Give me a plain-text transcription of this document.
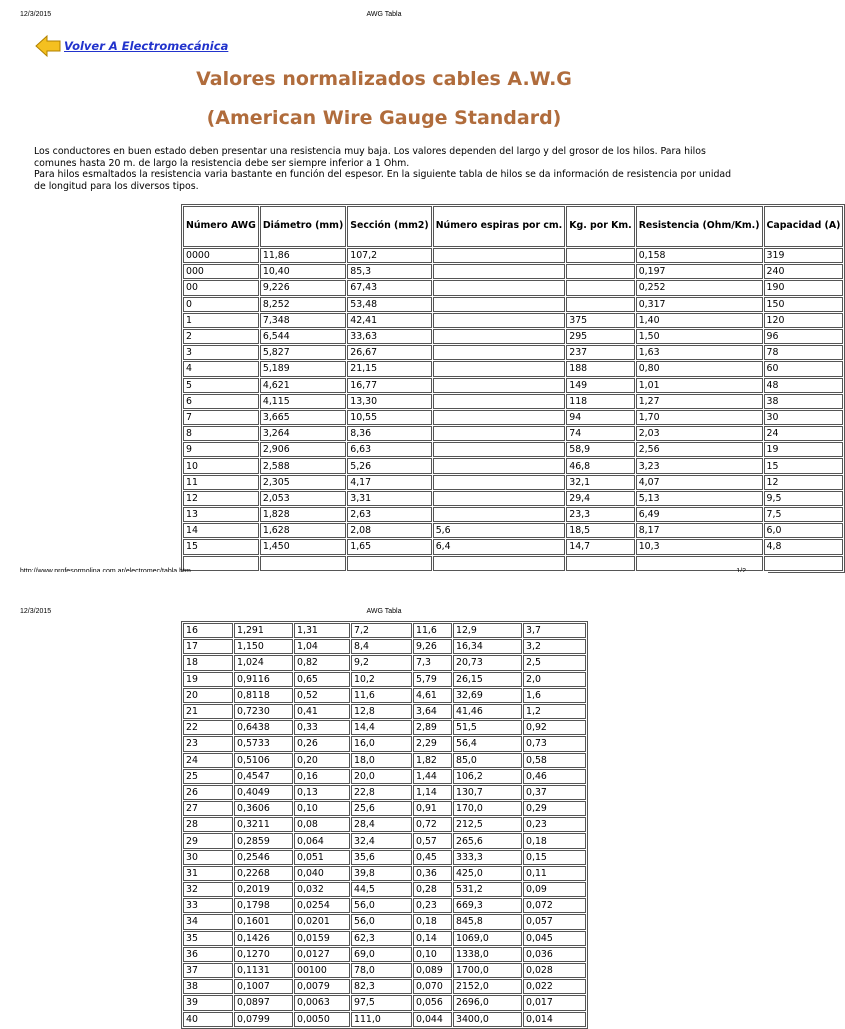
12/3/2015	AWG Tabla
Volver A Electromecánica
Valores normalizados cables A.W.G
(American Wire Gauge Standard)

Los conductores en buen estado deben presentar una resistencia muy baja. Los valores dependen del largo y del grosor de los hilos. Para hilos comunes hasta 20 m. de largo la resistencia debe ser siempre inferior a 1 Ohm.

Para hilos esmaltados la resistencia varia bastante en función del espesor. En la siguiente tabla de hilos se da información de resistencia por unidad de longitud para los diversos tipos.

Número AWG	Diámetro (mm)	Sección (mm2)	Número espiras por cm.	Kg. por Km.	Resistencia (Ohm/Km.)	Capacidad (A)
0000	11,86	107,2			0,158	319
000	10,40	85,3			0,197	240
00	9,226	67,43			0,252	190
0	8,252	53,48			0,317	150
1	7,348	42,41		375	1,40	120
2	6,544	33,63		295	1,50	96
3	5,827	26,67		237	1,63	78
4	5,189	21,15		188	0,80	60
5	4,621	16,77		149	1,01	48
6	4,115	13,30		118	1,27	38
7	3,665	10,55		94	1,70	30
8	3,264	8,36		74	2,03	24
9	2,906	6,63		58,9	2,56	19
10	2,588	5,26		46,8	3,23	15
11	2,305	4,17		32,1	4,07	12
12	2,053	3,31		29,4	5,13	9,5
13	1,828	2,63		23,3	6,49	7,5
14	1,628	2,08	5,6	18,5	8,17	6,0
15	1,450	1,65	6,4	14,7	10,3	4,8

12/3/2015	AWG Tabla
16	1,291	1,31	7,2	11,6	12,9	3,7
17	1,150	1,04	8,4	9,26	16,34	3,2
18	1,024	0,82	9,2	7,3	20,73	2,5
19	0,9116	0,65	10,2	5,79	26,15	2,0
20	0,8118	0,52	11,6	4,61	32,69	1,6
21	0,7230	0,41	12,8	3,64	41,46	1,2
22	0,6438	0,33	14,4	2,89	51,5	0,92
23	0,5733	0,26	16,0	2,29	56,4	0,73
24	0,5106	0,20	18,0	1,82	85,0	0,58
25	0,4547	0,16	20,0	1,44	106,2	0,46
26	0,4049	0,13	22,8	1,14	130,7	0,37
27	0,3606	0,10	25,6	0,91	170,0	0,29
28	0,3211	0,08	28,4	0,72	212,5	0,23
29	0,2859	0,064	32,4	0,57	265,6	0,18
30	0,2546	0,051	35,6	0,45	333,3	0,15
31	0,2268	0,040	39,8	0,36	425,0	0,11
32	0,2019	0,032	44,5	0,28	531,2	0,09
33	0,1798	0,0254	56,0	0,23	669,3	0,072
34	0,1601	0,0201	56,0	0,18	845,8	0,057
35	0,1426	0,0159	62,3	0,14	1069,0	0,045
36	0,1270	0,0127	69,0	0,10	1338,0	0,036
37	0,1131	00100	78,0	0,089	1700,0	0,028
38	0,1007	0,0079	82,3	0,070	2152,0	0,022
39	0,0897	0,0063	97,5	0,056	2696,0	0,017
40	0,0799	0,0050	111,0	0,044	3400,0	0,014
